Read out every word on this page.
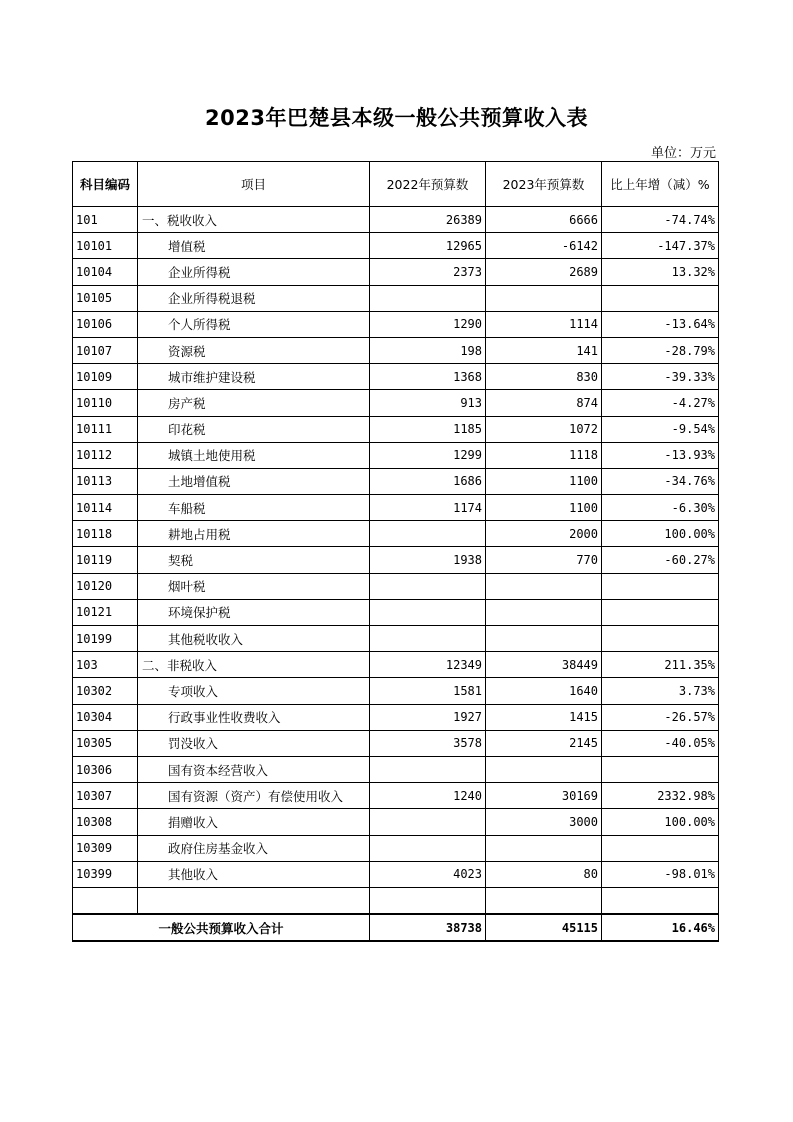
2023年巴楚县本级一般公共预算收入表
单位：万元
科目编码	项目	2022年预算数	2023年预算数	比上年增（减）%
101	一、税收收入	26389	6666	-74.74%
10101	增值税	12965	-6142	-147.37%
10104	企业所得税	2373	2689	13.32%
10105	企业所得税退税			
10106	个人所得税	1290	1114	-13.64%
10107	资源税	198	141	-28.79%
10109	城市维护建设税	1368	830	-39.33%
10110	房产税	913	874	-4.27%
10111	印花税	1185	1072	-9.54%
10112	城镇土地使用税	1299	1118	-13.93%
10113	土地增值税	1686	1100	-34.76%
10114	车船税	1174	1100	-6.30%
10118	耕地占用税		2000	100.00%
10119	契税	1938	770	-60.27%
10120	烟叶税			
10121	环境保护税			
10199	其他税收收入			
103	二、非税收入	12349	38449	211.35%
10302	专项收入	1581	1640	3.73%
10304	行政事业性收费收入	1927	1415	-26.57%
10305	罚没收入	3578	2145	-40.05%
10306	国有资本经营收入			
10307	国有资源（资产）有偿使用收入	1240	30169	2332.98%
10308	捐赠收入		3000	100.00%
10309	政府住房基金收入			
10399	其他收入	4023	80	-98.01%

一般公共预算收入合计		38738	45115	16.46%
